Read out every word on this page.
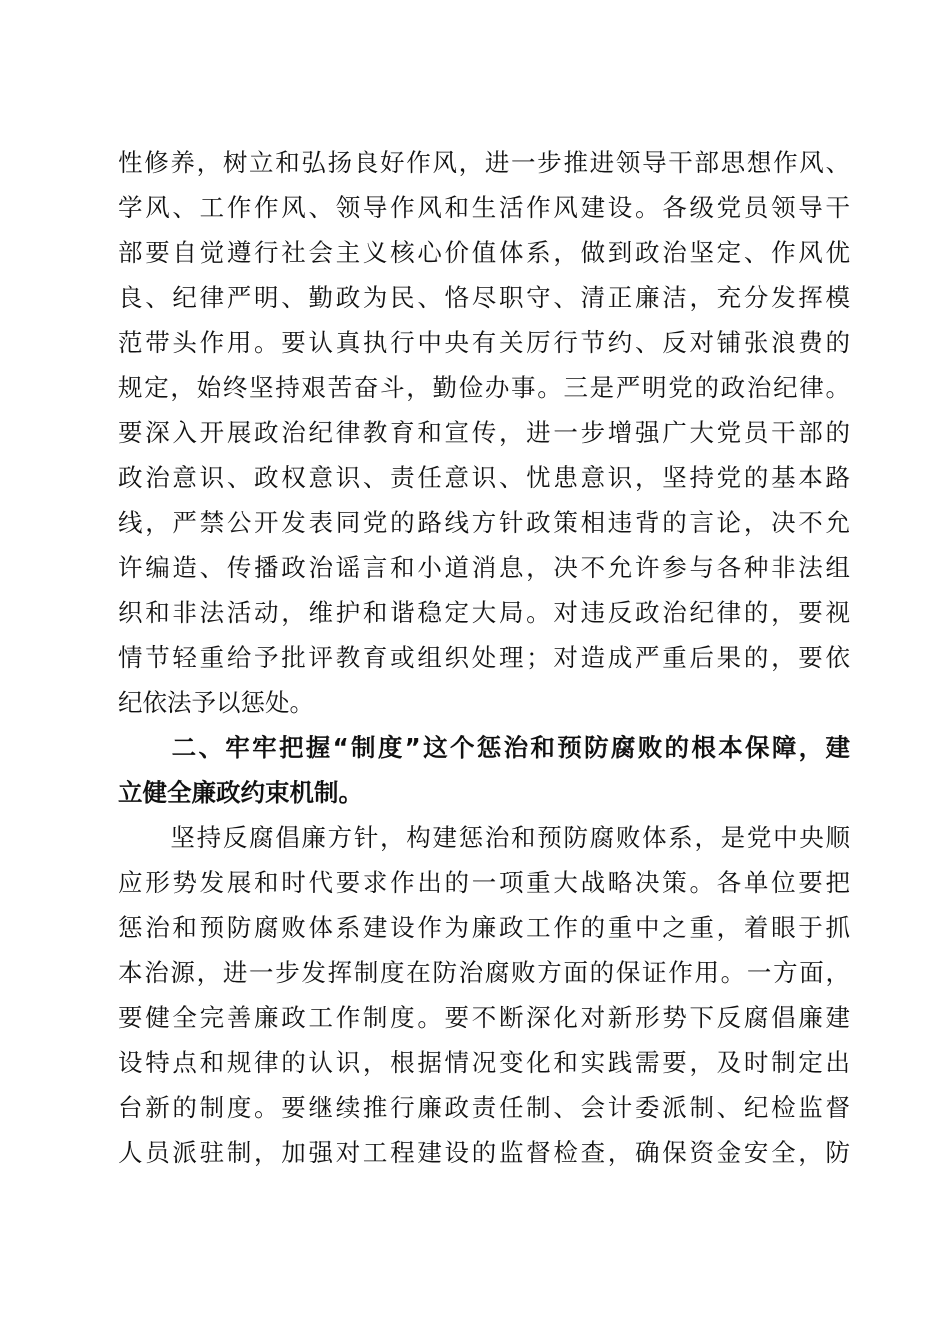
性修养，树立和弘扬良好作风，进一步推进领导干部思想作风、
学风、工作作风、领导作风和生活作风建设。各级党员领导干
部要自觉遵行社会主义核心价值体系，做到政治坚定、作风优
良、纪律严明、勤政为民、恪尽职守、清正廉洁，充分发挥模
范带头作用。要认真执行中央有关厉行节约、反对铺张浪费的
规定，始终坚持艰苦奋斗，勤俭办事。三是严明党的政治纪律。
要深入开展政治纪律教育和宣传，进一步增强广大党员干部的
政治意识、政权意识、责任意识、忧患意识，坚持党的基本路
线，严禁公开发表同党的路线方针政策相违背的言论，决不允
许编造、传播政治谣言和小道消息，决不允许参与各种非法组
织和非法活动，维护和谐稳定大局。对违反政治纪律的，要视
情节轻重给予批评教育或组织处理；对造成严重后果的，要依
纪依法予以惩处。
　　二、牢牢把握“制度”这个惩治和预防腐败的根本保障，建
立健全廉政约束机制。
　　坚持反腐倡廉方针，构建惩治和预防腐败体系，是党中央顺
应形势发展和时代要求作出的一项重大战略决策。各单位要把
惩治和预防腐败体系建设作为廉政工作的重中之重，着眼于抓
本治源，进一步发挥制度在防治腐败方面的保证作用。一方面，
要健全完善廉政工作制度。要不断深化对新形势下反腐倡廉建
设特点和规律的认识，根据情况变化和实践需要，及时制定出
台新的制度。要继续推行廉政责任制、会计委派制、纪检监督
人员派驻制，加强对工程建设的监督检查，确保资金安全，防
